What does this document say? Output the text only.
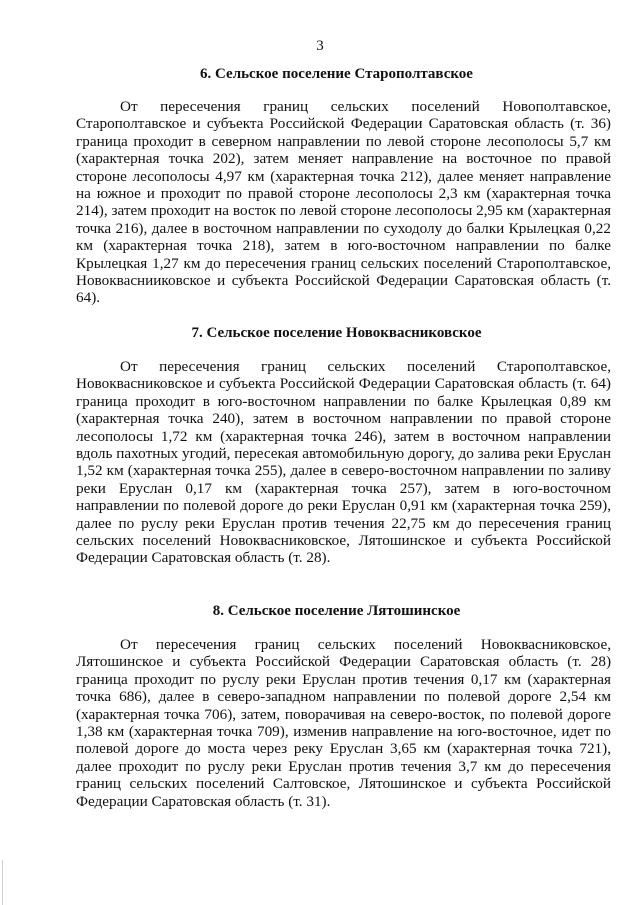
3
6. Сельское поселение Старополтавское

От пересечения границ сельских поселений Новополтавское, Старополтавское и субъекта Российской Федерации Саратовская область (т. 36) граница проходит в северном направлении по левой стороне лесополосы 5,7 км (характерная точка 202), затем меняет направление на восточное по правой стороне лесополосы 4,97 км (характерная точка 212), далее меняет направление на южное и проходит по правой стороне лесополосы 2,3 км (характерная точка 214), затем проходит на восток по левой стороне лесополосы 2,95 км (характерная точка 216), далее в восточном направлении по суходолу до балки Крылецкая 0,22 км (характерная точка 218), затем в юго-восточном направлении по балке Крылецкая 1,27 км до пересечения границ сельских поселений Старополтавское, Новокваснииковское и субъекта Российской Федерации Саратовская область (т. 64).

7. Сельское поселение Новоквасниковское

От пересечения границ сельских поселений Старополтавское, Новоквасниковское и субъекта Российской Федерации Саратовская область (т. 64) граница проходит в юго-восточном направлении по балке Крылецкая 0,89 км (характерная точка 240), затем в восточном направлении по правой стороне лесополосы 1,72 км (характерная точка 246), затем в восточном направлении вдоль пахотных угодий, пересекая автомобильную дорогу, до залива реки Еруслан 1,52 км (характерная точка 255), далее в северо-восточном направлении по заливу реки Еруслан 0,17 км (характерная точка 257), затем в юго-восточном направлении по полевой дороге до реки Еруслан 0,91 км (характерная точка 259), далее по руслу реки Еруслан против течения 22,75 км до пересечения границ сельских поселений Новоквасниковское, Лятошинское и субъекта Российской Федерации Саратовская область (т. 28).

8. Сельское поселение Лятошинское

От пересечения границ сельских поселений Новоквасниковское, Лятошинское и субъекта Российской Федерации Саратовская область (т. 28) граница проходит по руслу реки Еруслан против течения 0,17 км (характерная точка 686), далее в северо-западном направлении по полевой дороге 2,54 км (характерная точка 706), затем, поворачивая на северо-восток, по полевой дороге 1,38 км (характерная точка 709), изменив направление на юго-восточное, идет по полевой дороге до моста через реку Еруслан 3,65 км (характерная точка 721), далее проходит по руслу реки Еруслан против течения 3,7 км до пересечения границ сельских поселений Салтовское, Лятошинское и субъекта Российской Федерации Саратовская область (т. 31).
